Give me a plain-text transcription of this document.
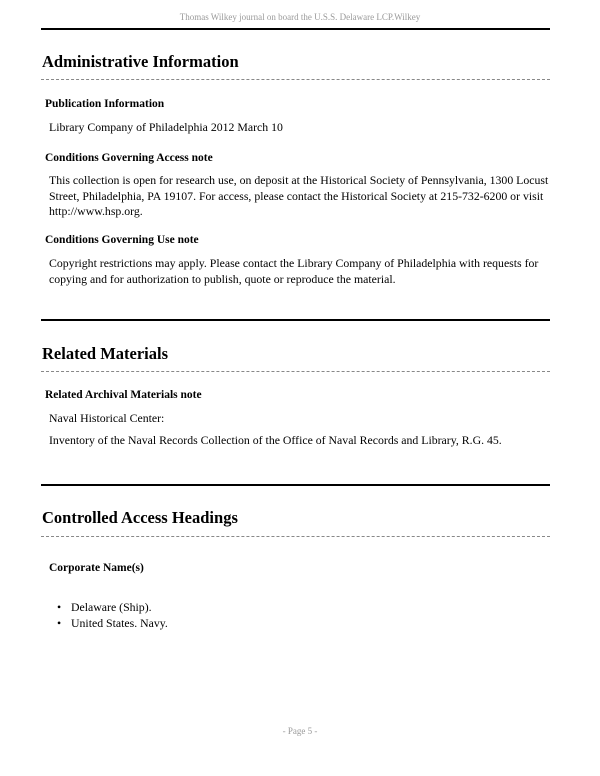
Thomas Wilkey journal on board the U.S.S. Delaware LCP.Wilkey
Administrative Information
Publication Information
Library Company of Philadelphia 2012 March 10
Conditions Governing Access note
This collection is open for research use, on deposit at the Historical Society of Pennsylvania, 1300 Locust Street, Philadelphia, PA 19107. For access, please contact the Historical Society at 215-732-6200 or visit http://www.hsp.org.
Conditions Governing Use note
Copyright restrictions may apply. Please contact the Library Company of Philadelphia with requests for copying and for authorization to publish, quote or reproduce the material.
Related Materials
Related Archival Materials note
Naval Historical Center:
Inventory of the Naval Records Collection of the Office of Naval Records and Library, R.G. 45.
Controlled Access Headings
Corporate Name(s)
• Delaware (Ship).
• United States. Navy.
- Page 5 -
